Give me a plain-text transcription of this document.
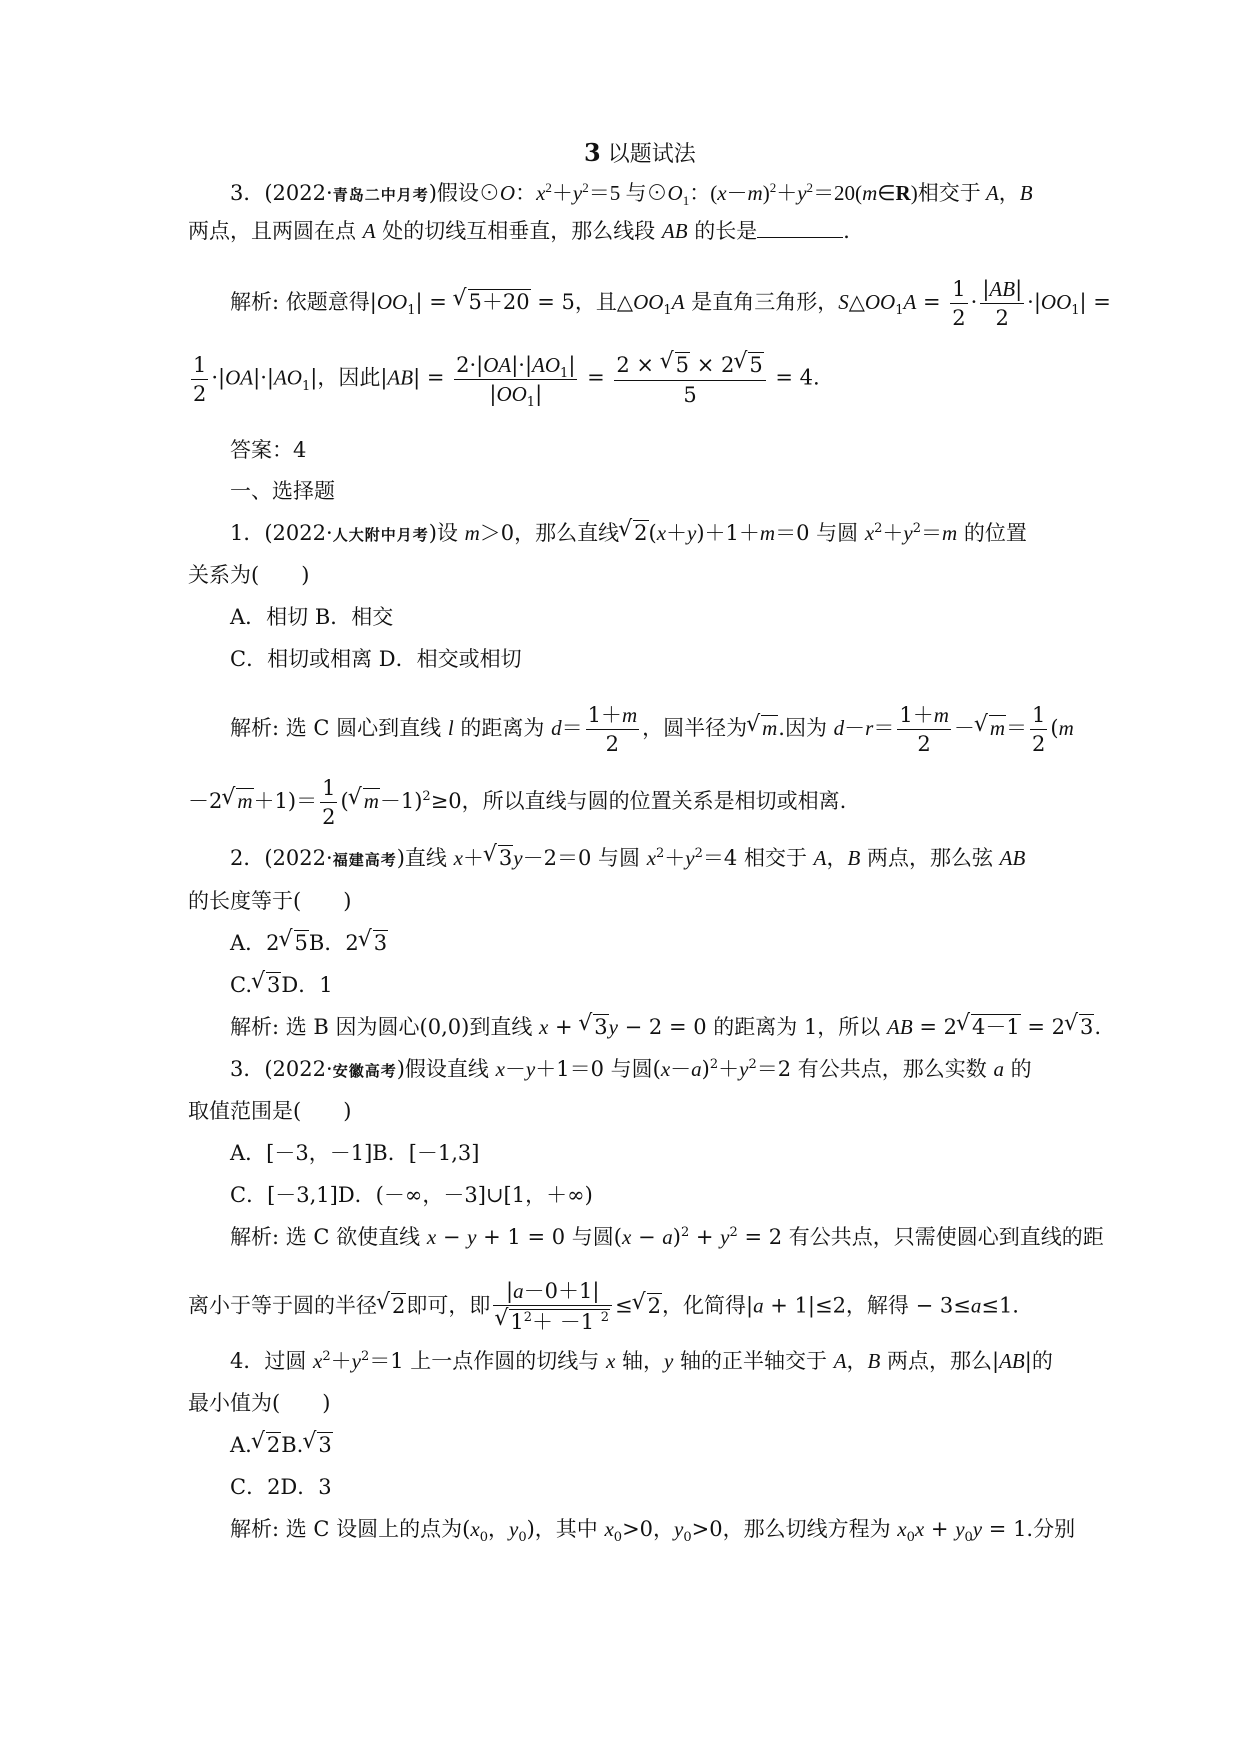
3 以题试法
3．(2022·青岛二中月考)假设⊙O：$x^2+y^2=5$ 与$⊙O_1$：$(x-m)^2+y^2=20(m\in R)$相交于 A，B
两点，且两圆在点 A 处的切线互相垂直，那么线段 AB 的长是	．
解析: 依题意得$|OO_1|$ = √ 5＋20 = 5，且$\triangle OO_1A$ 是直角三角形，$S\triangle OO_1A = \frac{1}{2} \cdot \frac{|AB|}{2} \cdot|OO_1|$ =
$\frac{1}{2} \cdot|OA|\cdot|AO_1|$，因此$|AB| = \frac{2\cdot|OA|\cdot|AO_1|}{|OO_1|} = \frac{2 \times √ 5 \times 2 √ 5}{5} = 4$.
答案：4
一、选择题
1．(2022·人大附中月考)设 m＞0，那么直线 √ 2(x＋y)＋1＋m＝0 与圆 $x^2+y^2=m$ 的位置
关系为(　　)
A．相切 B．相交
C．相切或相离 D．相交或相切
解析: 选 C 圆心到直线 l 的距离为 $d= \frac{1+m}{2}$ ，圆半径为 √ m.因为 $d-r= \frac{1+m}{2}$ － √ $m= \frac{1}{2} (m$
－2 √ $m+1)= \frac{1}{2}$ ( √ m－1)$^2$≥0，所以直线与圆的位置关系是相切或相离.
2．(2022·福建高考)直线 x＋ √ 3y－2＝0 与圆 $x^2+y^2=4$ 相交于 A，B 两点，那么弦 AB
的长度等于(　　)
A．2 √ 5B．2 √ 3
C. √ 3D．1
解析: 选 B 因为圆心(0,0)到直线 x + √ 3y − 2 = 0 的距离为 1，所以 AB = 2 √ 4－1 = 2 √ 3.
3．(2022·安徽高考)假设直线 x－y＋1＝0 与圆$(x-a)^2+y^2=2$ 有公共点，那么实数 a 的
取值范围是(　　)
A．[－3，－1]B．[－1,3]
C．[－3,1]D．(－∞，－3]∪[1，＋∞)
解析: 选 C 欲使直线 x − y + 1 = 0 与圆$(x - a)^2 + y^2 = 2$ 有公共点，只需使圆心到直线的距
离小于等于圆的半径 √ 2即可，即 |a－0＋1|
√ $1^2+ -1$ $^2$ ≤ √ 2，化简得|a + 1|≤2，解得 − 3≤a≤1.
4．过圆 $x^2+y^2=1$ 上一点作圆的切线与 x 轴，y 轴的正半轴交于 A，B 两点，那么|AB|的
最小值为(　　)
A. √ 2B. √ 3
C．2D．3
解析: 选 C 设圆上的点为($x_0$，$y_0$)，其中 $x_0>0$，$y_0>0$，那么切线方程为 $x_0x + y_0y = 1$.分别
